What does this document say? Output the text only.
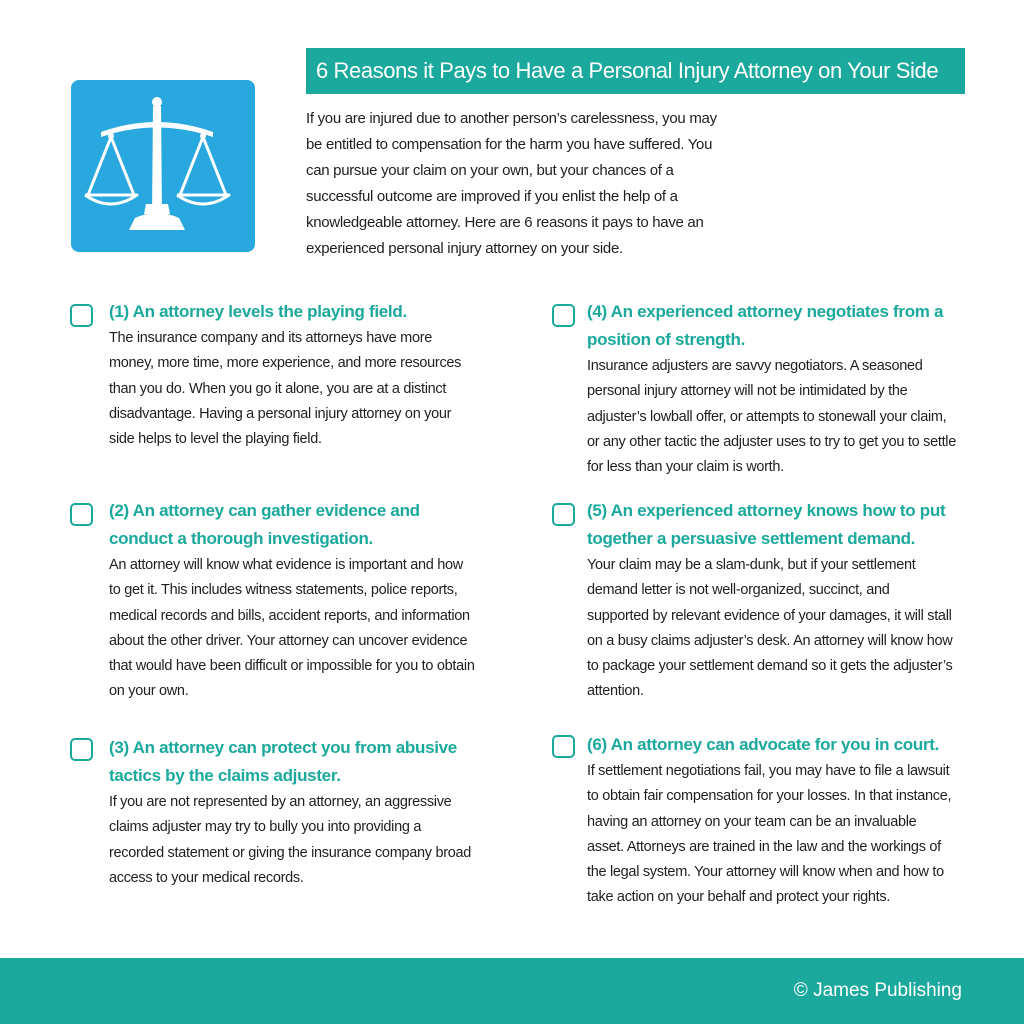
6 Reasons it Pays to Have a Personal Injury Attorney on Your Side

If you are injured due to another person’s carelessness, you may be entitled to compensation for the harm you have suffered. You can pursue your claim on your own, but your chances of a successful outcome are improved if you enlist the help of a knowledgeable attorney. Here are 6 reasons it pays to have an experienced personal injury attorney on your side.

(1) An attorney levels the playing field.

The insurance company and its attorneys have more money, more time, more experience, and more resources than you do. When you go it alone, you are at a distinct disadvantage. Having a personal injury attorney on your side helps to level the playing field.

(2) An attorney can gather evidence and conduct a thorough investigation.

An attorney will know what evidence is important and how to get it. This includes witness statements, police reports, medical records and bills, accident reports, and information about the other driver. Your attorney can uncover evidence that would have been difficult or impossible for you to obtain on your own.

(3) An attorney can protect you from abusive tactics by the claims adjuster.

If you are not represented by an attorney, an aggressive claims adjuster may try to bully you into providing a recorded statement or giving the insurance company broad access to your medical records.

(4) An experienced attorney negotiates from a position of strength.

Insurance adjusters are savvy negotiators. A seasoned personal injury attorney will not be intimidated by the adjuster’s lowball offer, or attempts to stonewall your claim, or any other tactic the adjuster uses to try to get you to settle for less than your claim is worth.

(5) An experienced attorney knows how to put together a persuasive settlement demand.

Your claim may be a slam-dunk, but if your settlement demand letter is not well-organized, succinct, and supported by relevant evidence of your damages, it will stall on a busy claims adjuster’s desk. An attorney will know how to package your settlement demand so it gets the adjuster’s attention.

(6) An attorney can advocate for you in court.

If settlement negotiations fail, you may have to file a lawsuit to obtain fair compensation for your losses. In that instance, having an attorney on your team can be an invaluable asset. Attorneys are trained in the law and the workings of the legal system. Your attorney will know when and how to take action on your behalf and protect your rights.

© James Publishing
